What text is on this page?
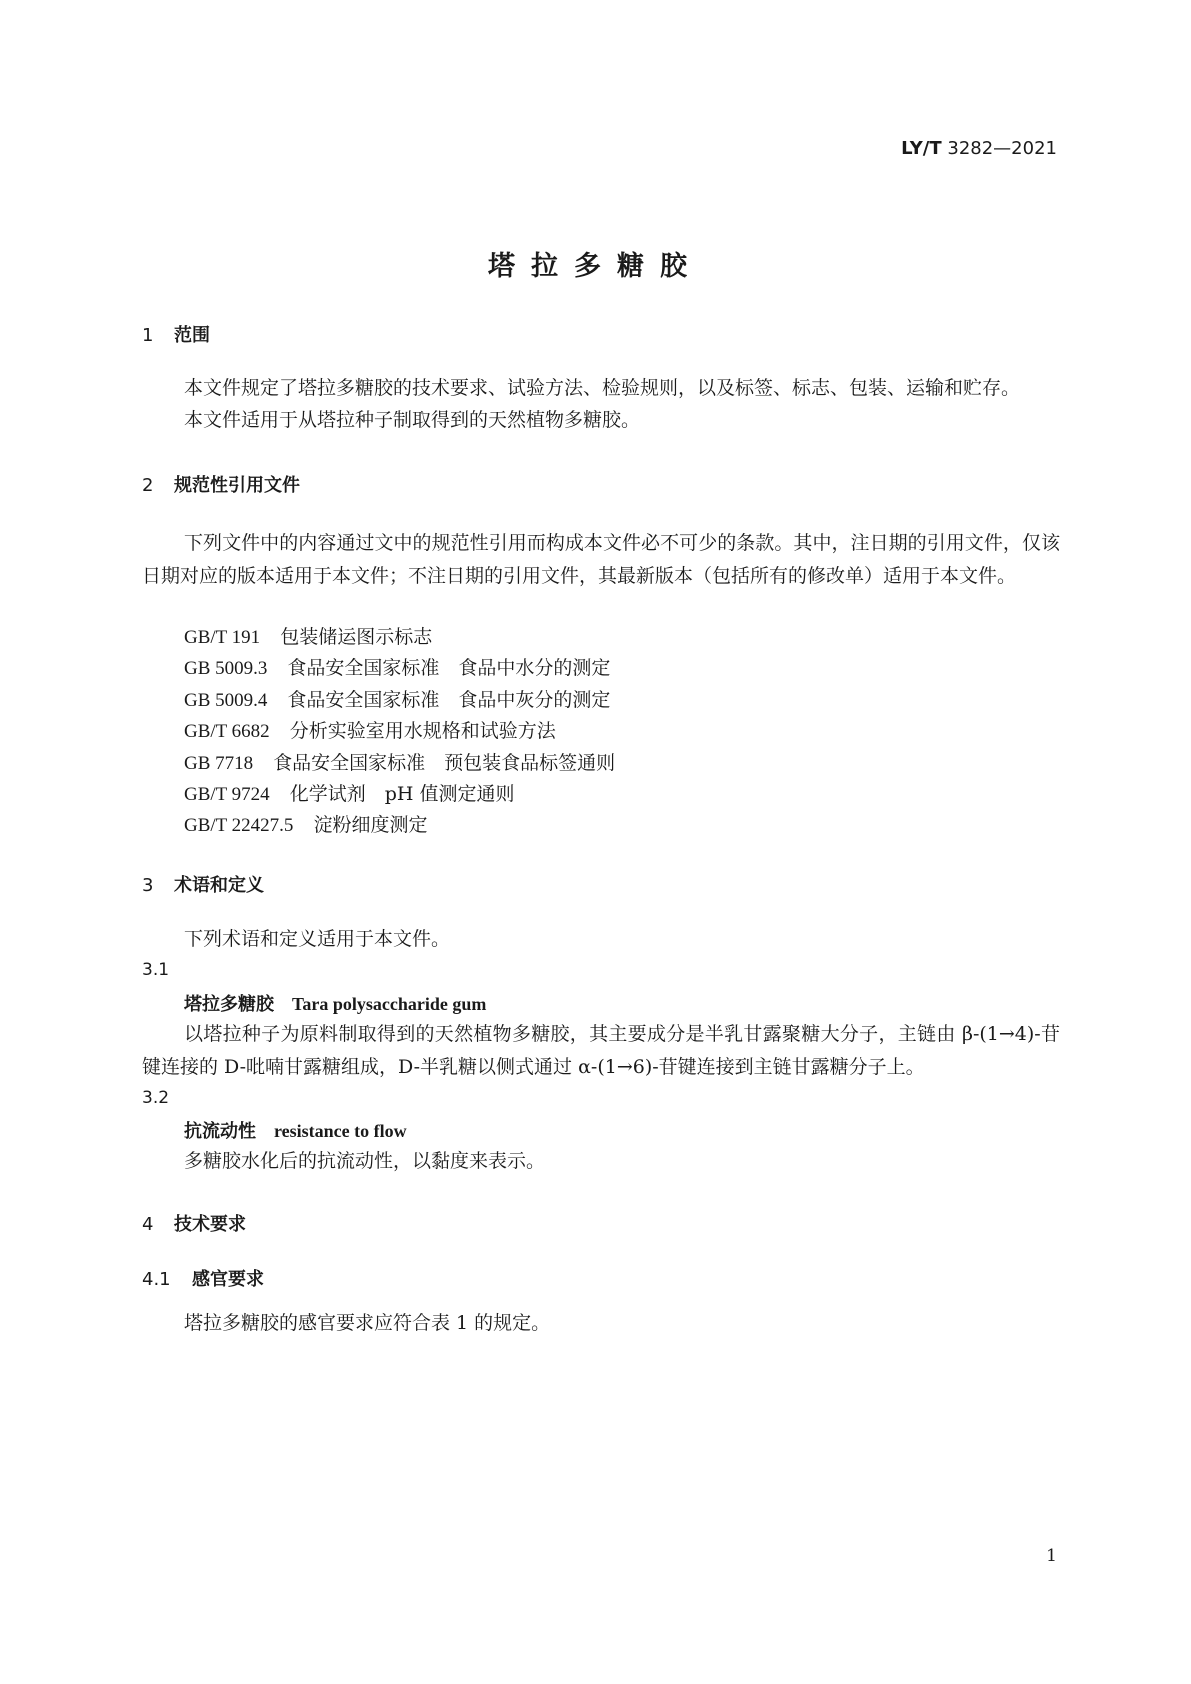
LY/T 3282—2021
塔拉多糖胶
1 范围
本文件规定了塔拉多糖胶的技术要求、试验方法、检验规则，以及标签、标志、包装、运输和贮存。
本文件适用于从塔拉种子制取得到的天然植物多糖胶。
2 规范性引用文件
下列文件中的内容通过文中的规范性引用而构成本文件必不可少的条款。其中，注日期的引用文件，仅该日期对应的版本适用于本文件；不注日期的引用文件，其最新版本（包括所有的修改单）适用于本文件。
GB/T 191 包装储运图示标志
GB 5009.3 食品安全国家标准　食品中水分的测定
GB 5009.4 食品安全国家标准　食品中灰分的测定
GB/T 6682 分析实验室用水规格和试验方法
GB 7718 食品安全国家标准　预包装食品标签通则
GB/T 9724 化学试剂　pH 值测定通则
GB/T 22427.5 淀粉细度测定
3 术语和定义
下列术语和定义适用于本文件。
3.1
塔拉多糖胶 Tara polysaccharide gum
以塔拉种子为原料制取得到的天然植物多糖胶，其主要成分是半乳甘露聚糖大分子，主链由 β-(1→4)-苷键连接的 D-吡喃甘露糖组成，D-半乳糖以侧式通过 α-(1→6)-苷键连接到主链甘露糖分子上。
3.2
抗流动性 resistance to flow
多糖胶水化后的抗流动性，以黏度来表示。
4 技术要求
4.1 感官要求
塔拉多糖胶的感官要求应符合表 1 的规定。
1
